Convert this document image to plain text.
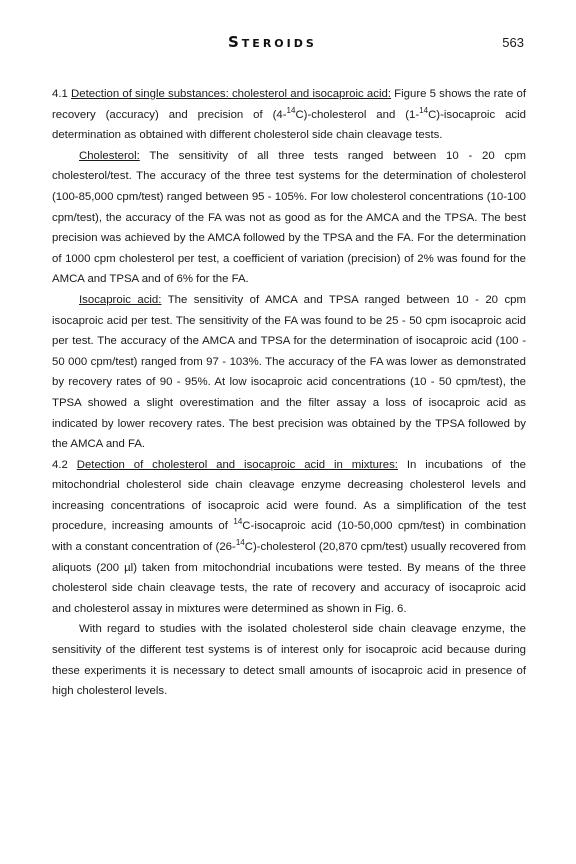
Steroids	563

4.1 Detection of single substances: cholesterol and isocaproic acid: Figure 5 shows the rate of recovery (accuracy) and precision of (4-$^{14}$C)-cholesterol and (1-$^{14}$C)-isocaproic acid determination as obtained with different cholesterol side chain cleavage tests.

Cholesterol: The sensitivity of all three tests ranged between 10 - 20 cpm cholesterol/test. The accuracy of the three test systems for the determination of cholesterol (100-85,000 cpm/test) ranged between 95 - 105%. For low cholesterol concentrations (10-100 cpm/test), the accuracy of the FA was not as good as for the AMCA and the TPSA. The best precision was achieved by the AMCA followed by the TPSA and the FA. For the determination of 1000 cpm cholesterol per test, a coefficient of variation (precision) of 2% was found for the AMCA and TPSA and of 6% for the FA.

Isocaproic acid: The sensitivity of AMCA and TPSA ranged between 10 - 20 cpm isocaproic acid per test. The sensitivity of the FA was found to be 25 - 50 cpm isocaproic acid per test. The accuracy of the AMCA and TPSA for the determination of isocaproic acid (100 - 50 000 cpm/test) ranged from 97 - 103%. The accuracy of the FA was lower as demonstrated by recovery rates of 90 - 95%. At low isocaproic acid concentrations (10 - 50 cpm/test), the TPSA showed a slight overestimation and the filter assay a loss of isocaproic acid as indicated by lower recovery rates. The best precision was obtained by the TPSA followed by the AMCA and FA.

4.2 Detection of cholesterol and isocaproic acid in mixtures: In incubations of the mitochondrial cholesterol side chain cleavage enzyme decreasing cholesterol levels and increasing concentrations of isocaproic acid were found. As a simplification of the test procedure, increasing amounts of $^{14}$C-isocaproic acid (10-50,000 cpm/test) in combination with a constant concentration of (26-$^{14}$C)-cholesterol (20,870 cpm/test) usually recovered from aliquots (200 µl) taken from mitochondrial incubations were tested. By means of the three cholesterol side chain cleavage tests, the rate of recovery and accuracy of isocaproic acid and cholesterol assay in mixtures were determined as shown in Fig. 6.

With regard to studies with the isolated cholesterol side chain cleavage enzyme, the sensitivity of the different test systems is of interest only for isocaproic acid because during these experiments it is necessary to detect small amounts of isocaproic acid in presence of high cholesterol levels.
